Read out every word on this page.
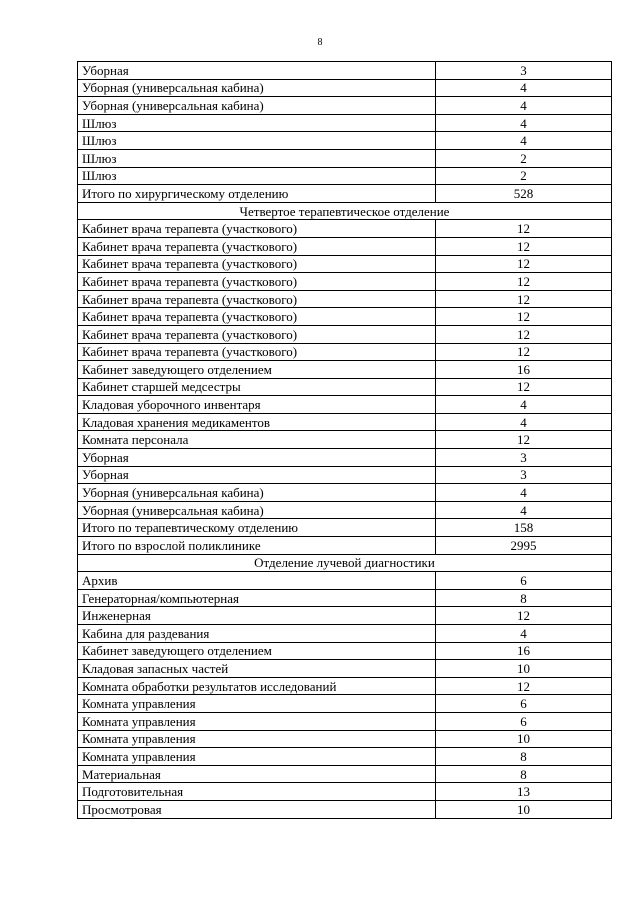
8
Уборная	3
Уборная (универсальная кабина)	4
Уборная (универсальная кабина)	4
Шлюз	4
Шлюз	4
Шлюз	2
Шлюз	2
Итого по хирургическому отделению	528
Четвертое терапевтическое отделение	
Кабинет врача терапевта (участкового)	12
Кабинет врача терапевта (участкового)	12
Кабинет врача терапевта (участкового)	12
Кабинет врача терапевта (участкового)	12
Кабинет врача терапевта (участкового)	12
Кабинет врача терапевта (участкового)	12
Кабинет врача терапевта (участкового)	12
Кабинет врача терапевта (участкового)	12
Кабинет заведующего отделением	16
Кабинет старшей медсестры	12
Кладовая уборочного инвентаря	4
Кладовая хранения медикаментов	4
Комната персонала	12
Уборная	3
Уборная	3
Уборная (универсальная кабина)	4
Уборная (универсальная кабина)	4
Итого по терапевтическому отделению	158
Итого по взрослой поликлинике	2995
Отделение лучевой диагностики	
Архив	6
Генераторная/компьютерная	8
Инженерная	12
Кабина для раздевания	4
Кабинет заведующего отделением	16
Кладовая запасных частей	10
Комната обработки результатов исследований	12
Комната управления	6
Комната управления	6
Комната управления	10
Комната управления	8
Материальная	8
Подготовительная	13
Просмотровая	10
